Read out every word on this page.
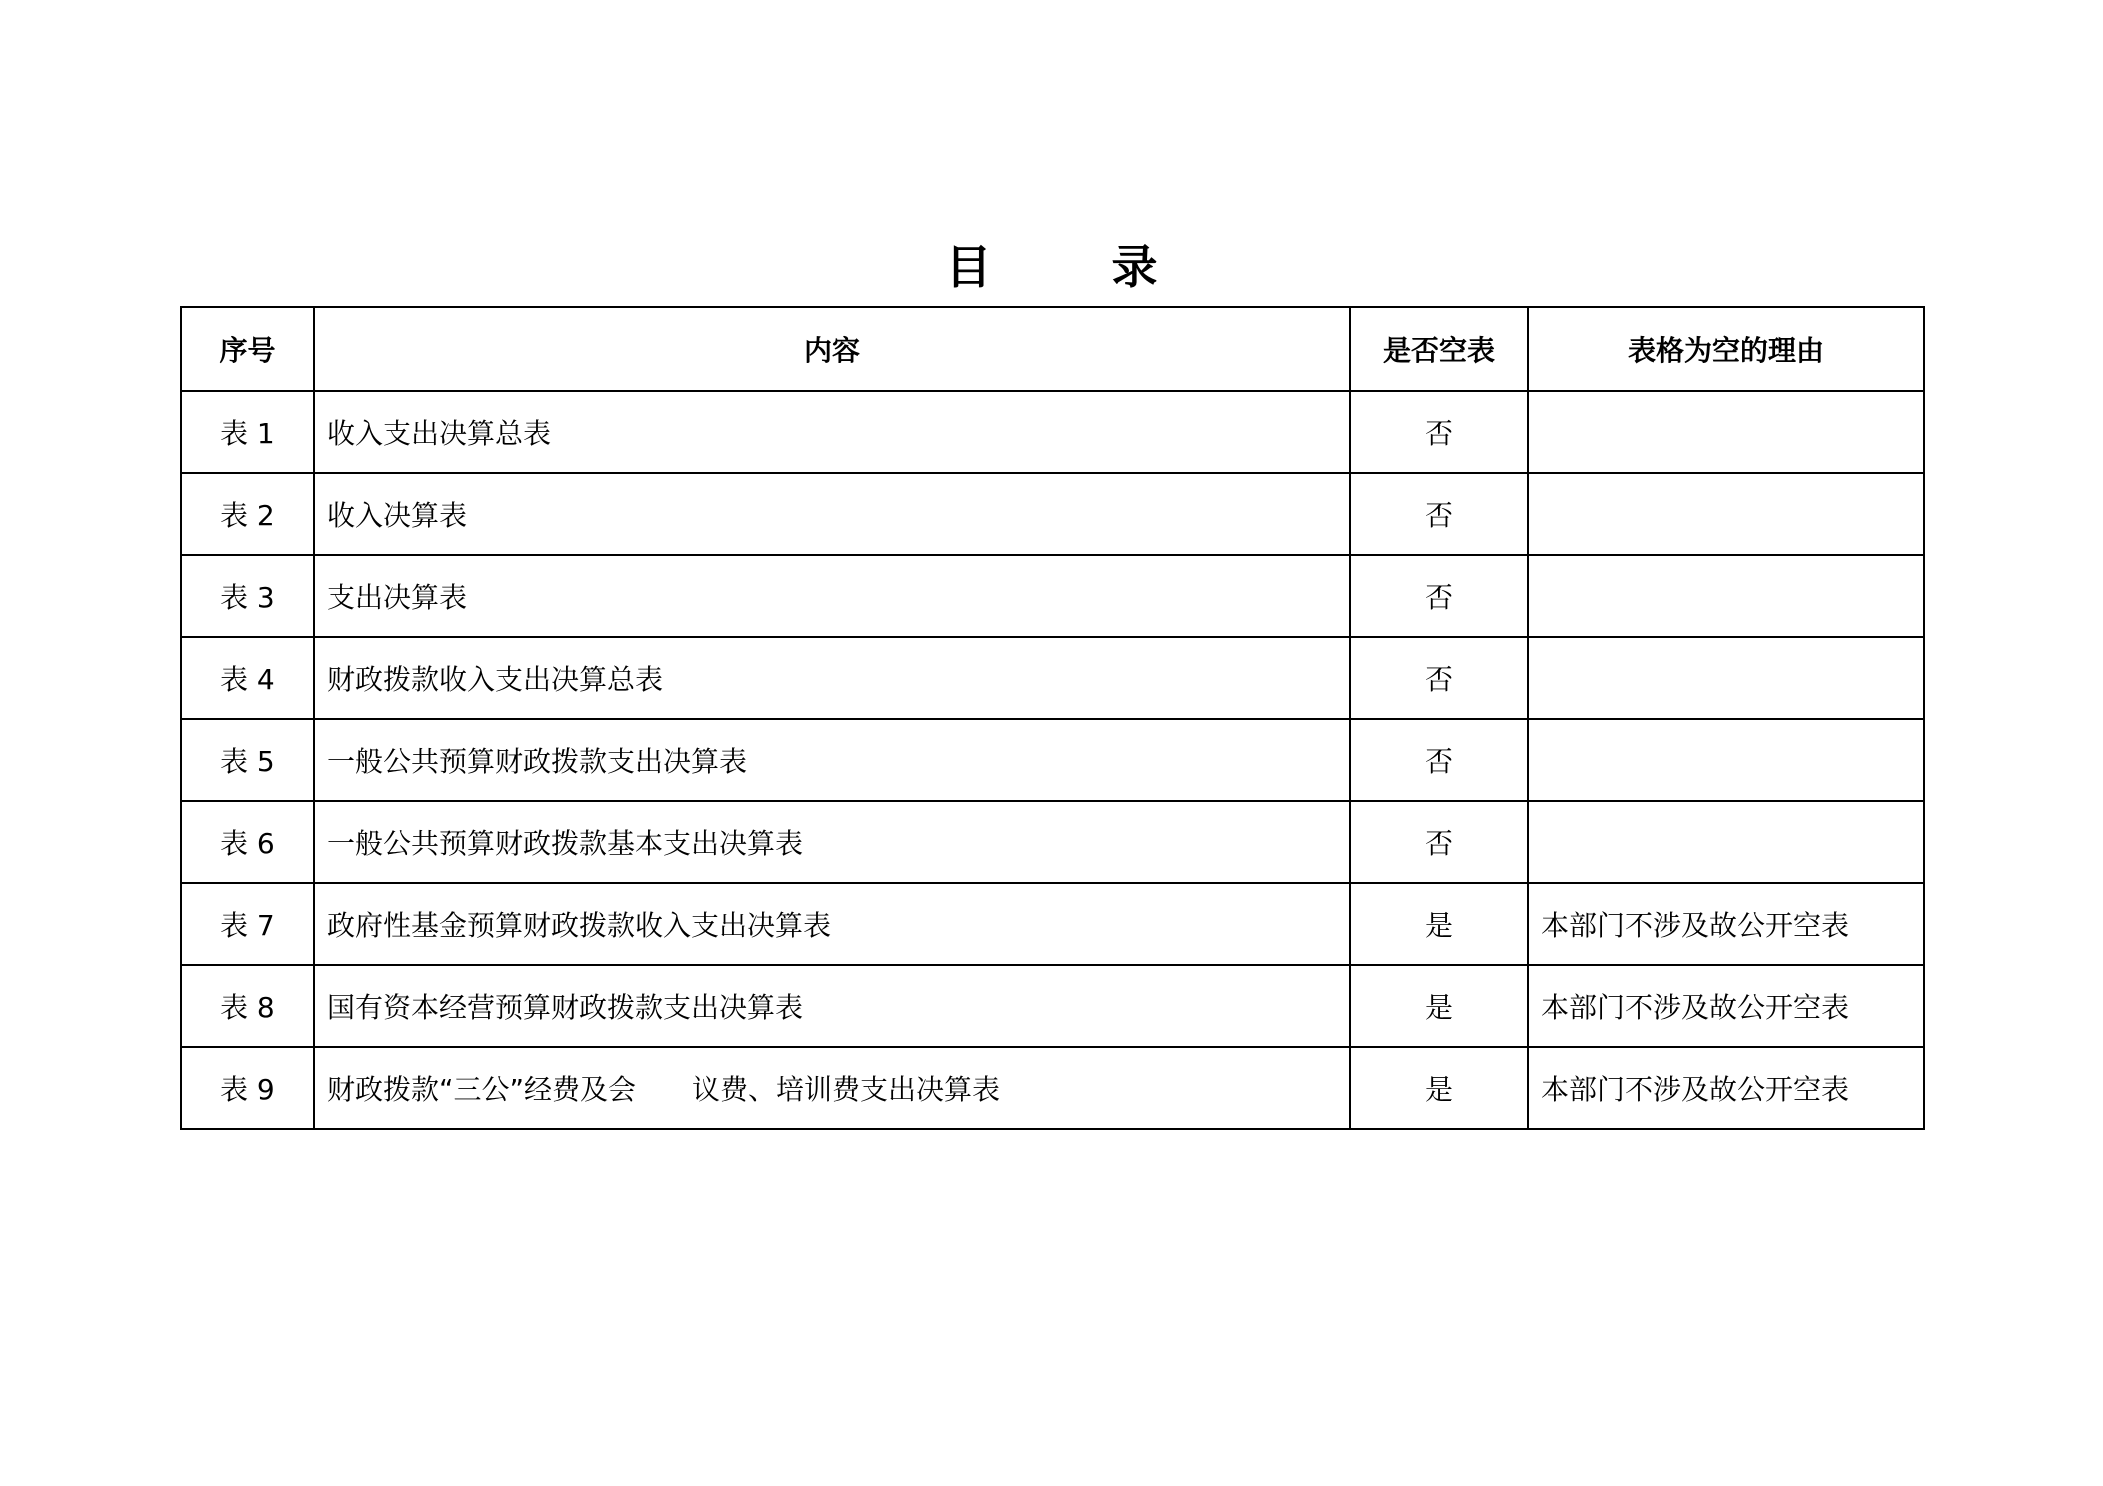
目 录
序号	内容	是否空表	表格为空的理由
表 1	收入支出决算总表	否	
表 2	收入决算表	否	
表 3	支出决算表	否	
表 4	财政拨款收入支出决算总表	否	
表 5	一般公共预算财政拨款支出决算表	否	
表 6	一般公共预算财政拨款基本支出决算表	否	
表 7	政府性基金预算财政拨款收入支出决算表	是	本部门不涉及故公开空表
表 8	国有资本经营预算财政拨款支出决算表	是	本部门不涉及故公开空表
表 9	财政拨款“三公”经费及会　　议费、培训费支出决算表	是	本部门不涉及故公开空表
